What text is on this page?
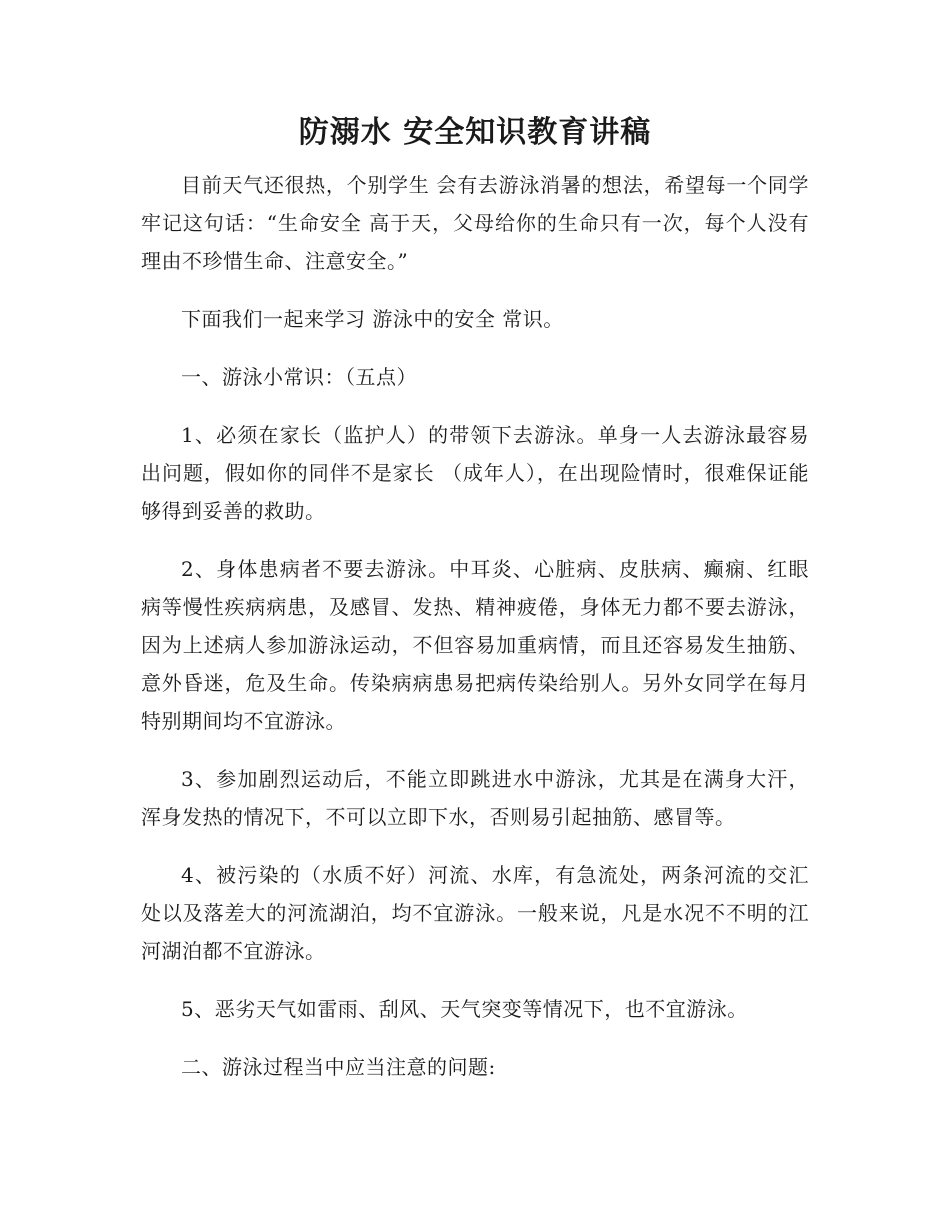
防溺水 安全知识教育讲稿

目前天气还很热，个别学生 会有去游泳消暑的想法，希望每一个同学牢记这句话：“生命安全 高于天，父母给你的生命只有一次，每个人没有理由不珍惜生命、注意安全。”

下面我们一起来学习 游泳中的安全 常识。

一、游泳小常识：（五点）

1、必须在家长（监护人）的带领下去游泳。单身一人去游泳最容易出问题，假如你的同伴不是家长 （成年人），在出现险情时，很难保证能够得到妥善的救助。

2、身体患病者不要去游泳。中耳炎、心脏病、皮肤病、癫痫、红眼病等慢性疾病病患，及感冒、发热、精神疲倦，身体无力都不要去游泳，因为上述病人参加游泳运动，不但容易加重病情，而且还容易发生抽筋、意外昏迷，危及生命。传染病病患易把病传染给别人。另外女同学在每月特别期间均不宜游泳。

3、参加剧烈运动后，不能立即跳进水中游泳，尤其是在满身大汗，浑身发热的情况下，不可以立即下水，否则易引起抽筋、感冒等。

4、被污染的（水质不好）河流、水库，有急流处，两条河流的交汇处以及落差大的河流湖泊，均不宜游泳。一般来说，凡是水况不不明的江河湖泊都不宜游泳。

5、恶劣天气如雷雨、刮风、天气突变等情况下，也不宜游泳。

二、游泳过程当中应当注意的问题:
